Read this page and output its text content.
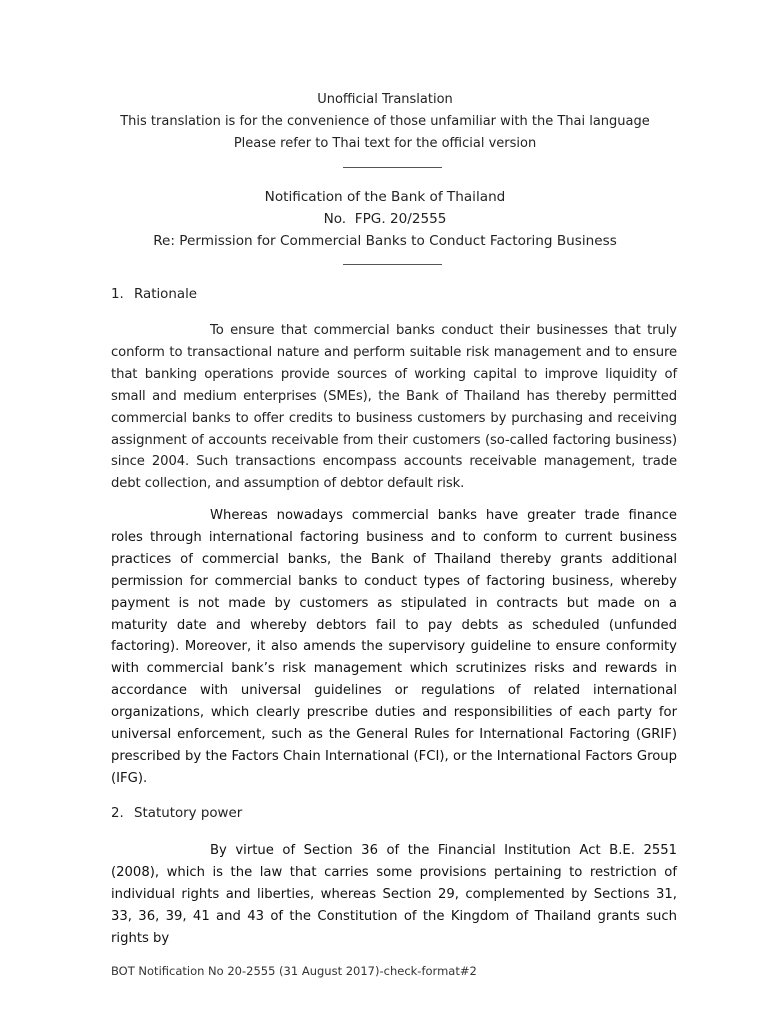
Unofficial Translation
This translation is for the convenience of those unfamiliar with the Thai language
Please refer to Thai text for the official version
Notification of the Bank of Thailand
No.  FPG. 20/2555
Re: Permission for Commercial Banks to Conduct Factoring Business
1. Rationale

To ensure that commercial banks conduct their businesses that truly conform to transactional nature and perform suitable risk management and to ensure that banking operations provide sources of working capital to improve liquidity of small and medium enterprises (SMEs), the Bank of Thailand has thereby permitted commercial banks to offer credits to business customers by purchasing and receiving assignment of accounts receivable from their customers (so-called factoring business) since 2004. Such transactions encompass accounts receivable management, trade debt collection, and assumption of debtor default risk.

Whereas nowadays commercial banks have greater trade finance roles through international factoring business and to conform to current business practices of commercial banks, the Bank of Thailand thereby grants additional permission for commercial banks to conduct types of factoring business, whereby payment is not made by customers as stipulated in contracts but made on a maturity date and whereby debtors fail to pay debts as scheduled (unfunded factoring). Moreover, it also amends the supervisory guideline to ensure conformity with commercial bank’s risk management which scrutinizes risks and rewards in accordance with universal guidelines or regulations of related international organizations, which clearly prescribe duties and responsibilities of each party for universal enforcement, such as the General Rules for International Factoring (GRIF) prescribed by the Factors Chain International (FCI), or the International Factors Group (IFG).

2. Statutory power

By virtue of Section 36 of the Financial Institution Act B.E. 2551 (2008), which is the law that carries some provisions pertaining to restriction of individual rights and liberties, whereas Section 29, complemented by Sections 31, 33, 36, 39, 41 and 43 of the Constitution of the Kingdom of Thailand grants such rights by

BOT Notification No 20-2555 (31 August 2017)-check-format#2
